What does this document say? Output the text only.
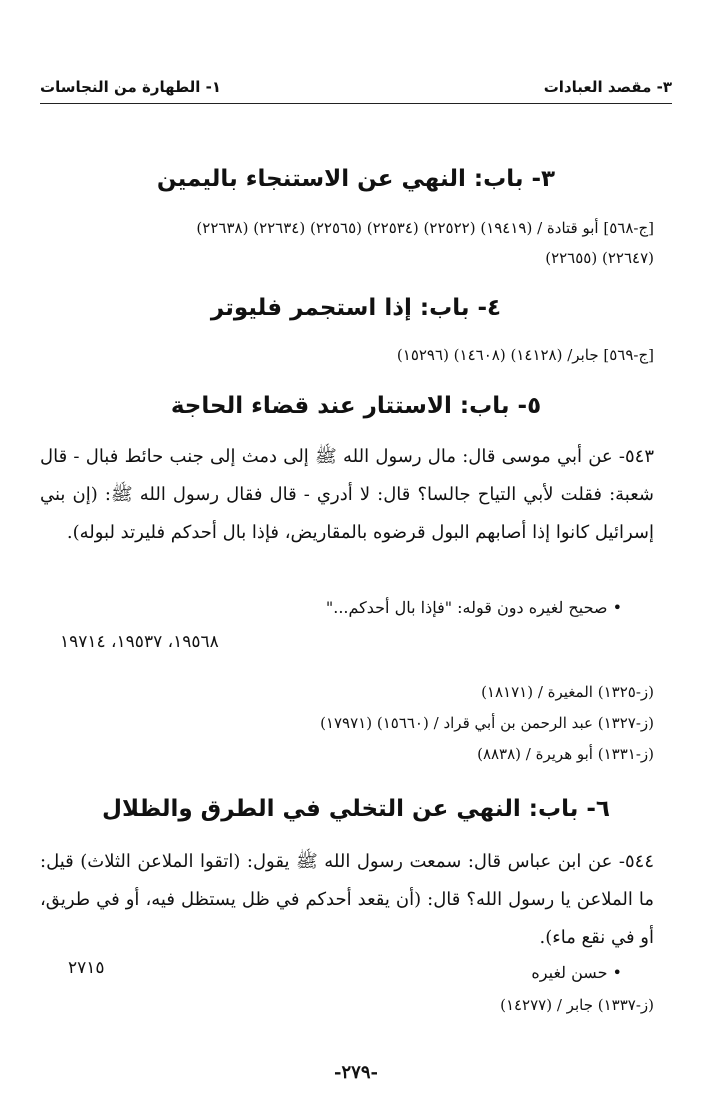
٣- مقصد العبادات
١- الطهارة من النجاسات
٣- باب: النهي عن الاستنجاء باليمين
[ج-٥٦٨] أبو قتادة / (١٩٤١٩) (٢٢٥٢٢) (٢٢٥٣٤) (٢٢٥٦٥) (٢٢٦٣٤) (٢٢٦٣٨)
(٢٢٦٤٧) (٢٢٦٥٥)
٤- باب: إذا استجمر فليوتر
[ج-٥٦٩] جابر/ (١٤١٢٨) (١٤٦٠٨) (١٥٢٩٦)
٥- باب: الاستتار عند قضاء الحاجة

٥٤٣- عن أبي موسى قال: مال رسول الله ﷺ إلى دمث إلى جنب حائط فبال - قال شعبة: فقلت لأبي التياح جالسا؟ قال: لا أدري - قال فقال رسول الله ﷺ: (إن بني إسرائيل كانوا إذا أصابهم البول قرضوه بالمقاريض، فإذا بال أحدكم فليرتد لبوله).

• صحيح لغيره دون قوله: "فإذا بال أحدكم..."
١٩٥٦٨، ١٩٥٣٧، ١٩٧١٤
(ز-١٣٢٥) المغيرة / (١٨١٧١)
(ز-١٣٢٧) عبد الرحمن بن أبي قراد / (١٥٦٦٠) (١٧٩٧١)
(ز-١٣٣١) أبو هريرة / (٨٨٣٨)
٦- باب: النهي عن التخلي في الطرق والظلال

٥٤٤- عن ابن عباس قال: سمعت رسول الله ﷺ يقول: (اتقوا الملاعن الثلاث) قيل: ما الملاعن يا رسول الله؟ قال: (أن يقعد أحدكم في ظل يستظل فيه، أو في طريق، أو في نقع ماء).

• حسن لغيره
٢٧١٥
(ز-١٣٣٧) جابر / (١٤٢٧٧)
-٢٧٩-
